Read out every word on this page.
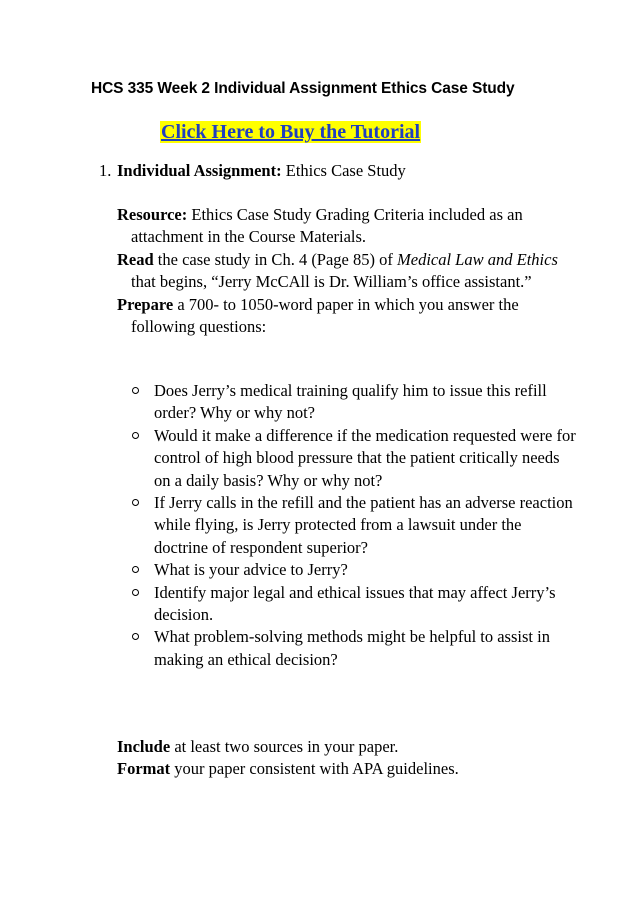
HCS 335 Week 2 Individual Assignment Ethics Case Study
Click Here to Buy the Tutorial
1. Individual Assignment: Ethics Case Study

Resource: Ethics Case Study Grading Criteria included as an attachment in the Course Materials.

Read the case study in Ch. 4 (Page 85) of Medical Law and Ethics that begins, “Jerry McCAll is Dr. William’s office assistant.”

Prepare a 700- to 1050-word paper in which you answer the following questions:

Does Jerry’s medical training qualify him to issue this refill order? Why or why not?
Would it make a difference if the medication requested were for control of high blood pressure that the patient critically needs on a daily basis? Why or why not?
If Jerry calls in the refill and the patient has an adverse reaction while flying, is Jerry protected from a lawsuit under the doctrine of respondent superior?
What is your advice to Jerry?
Identify major legal and ethical issues that may affect Jerry’s decision.
What problem-solving methods might be helpful to assist in making an ethical decision?

Include at least two sources in your paper.

Format your paper consistent with APA guidelines.
